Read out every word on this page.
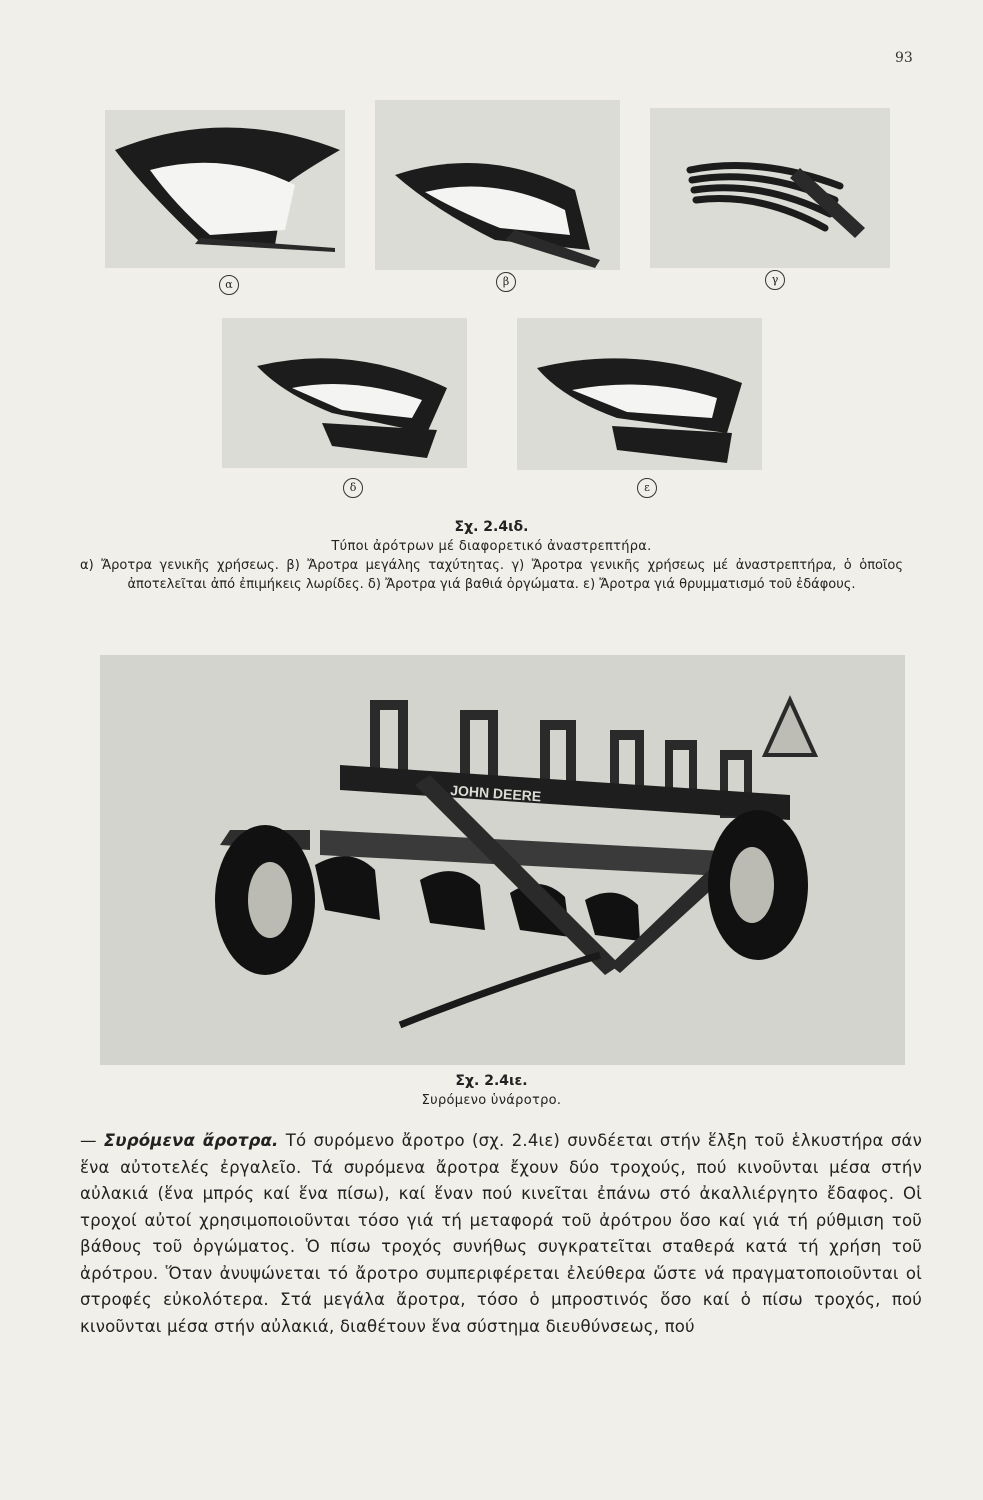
93
α	β	γ
δ	ε
Σχ. 2.4ιδ.
Τύποι ἀρότρων μέ διαφορετικό ἀναστρεπτήρα.

α) Ἄροτρα γενικῆς χρήσεως. β) Ἄροτρα μεγάλης ταχύτητας. γ) Ἄροτρα γενικῆς χρήσεως μέ ἀναστρεπτήρα, ὁ ὁποῖος ἀποτελεῖται ἀπό ἐπιμήκεις λωρίδες. δ) Ἄροτρα γιά βαθιά ὀργώματα. ε) Ἄροτρα γιά θρυμματισμό τοῦ ἐδάφους.

JOHN DEERE
Σχ. 2.4ιε.
Συρόμενο ὑνάροτρο.
— Συρόμενα ἄροτρα. Τό συρόμενο ἄροτρο (σχ. 2.4ιε) συνδέεται στήν ἕλξη τοῦ ἑλκυστήρα σάν ἕνα αὐτοτελές ἐργαλεῖο. Τά συρόμενα ἄροτρα ἔχουν δύο τροχούς, πού κινοῦνται μέσα στήν αὐλακιά (ἕνα μπρός καί ἕνα πίσω), καί ἕναν πού κινεῖται ἐπάνω στό ἀκαλλιέργητο ἔδαφος. Οἱ τροχοί αὐτοί χρησιμοποιοῦνται τόσο γιά τή μεταφορά τοῦ ἀρότρου ὅσο καί γιά τή ρύθμιση τοῦ βάθους τοῦ ὀργώματος. Ὁ πίσω τροχός συνήθως συγκρατεῖται σταθερά κατά τή χρήση τοῦ ἀρότρου. Ὅταν ἀνυψώνεται τό ἄροτρο συμπεριφέρεται ἐλεύθερα ὥστε νά πραγματοποιοῦνται οἱ στροφές εὐκολότερα. Στά μεγάλα ἄροτρα, τόσο ὁ μπροστινός ὅσο καί ὁ πίσω τροχός, πού κινοῦνται μέσα στήν αὐλακιά, διαθέτουν ἕνα σύστημα διευθύνσεως, πού
